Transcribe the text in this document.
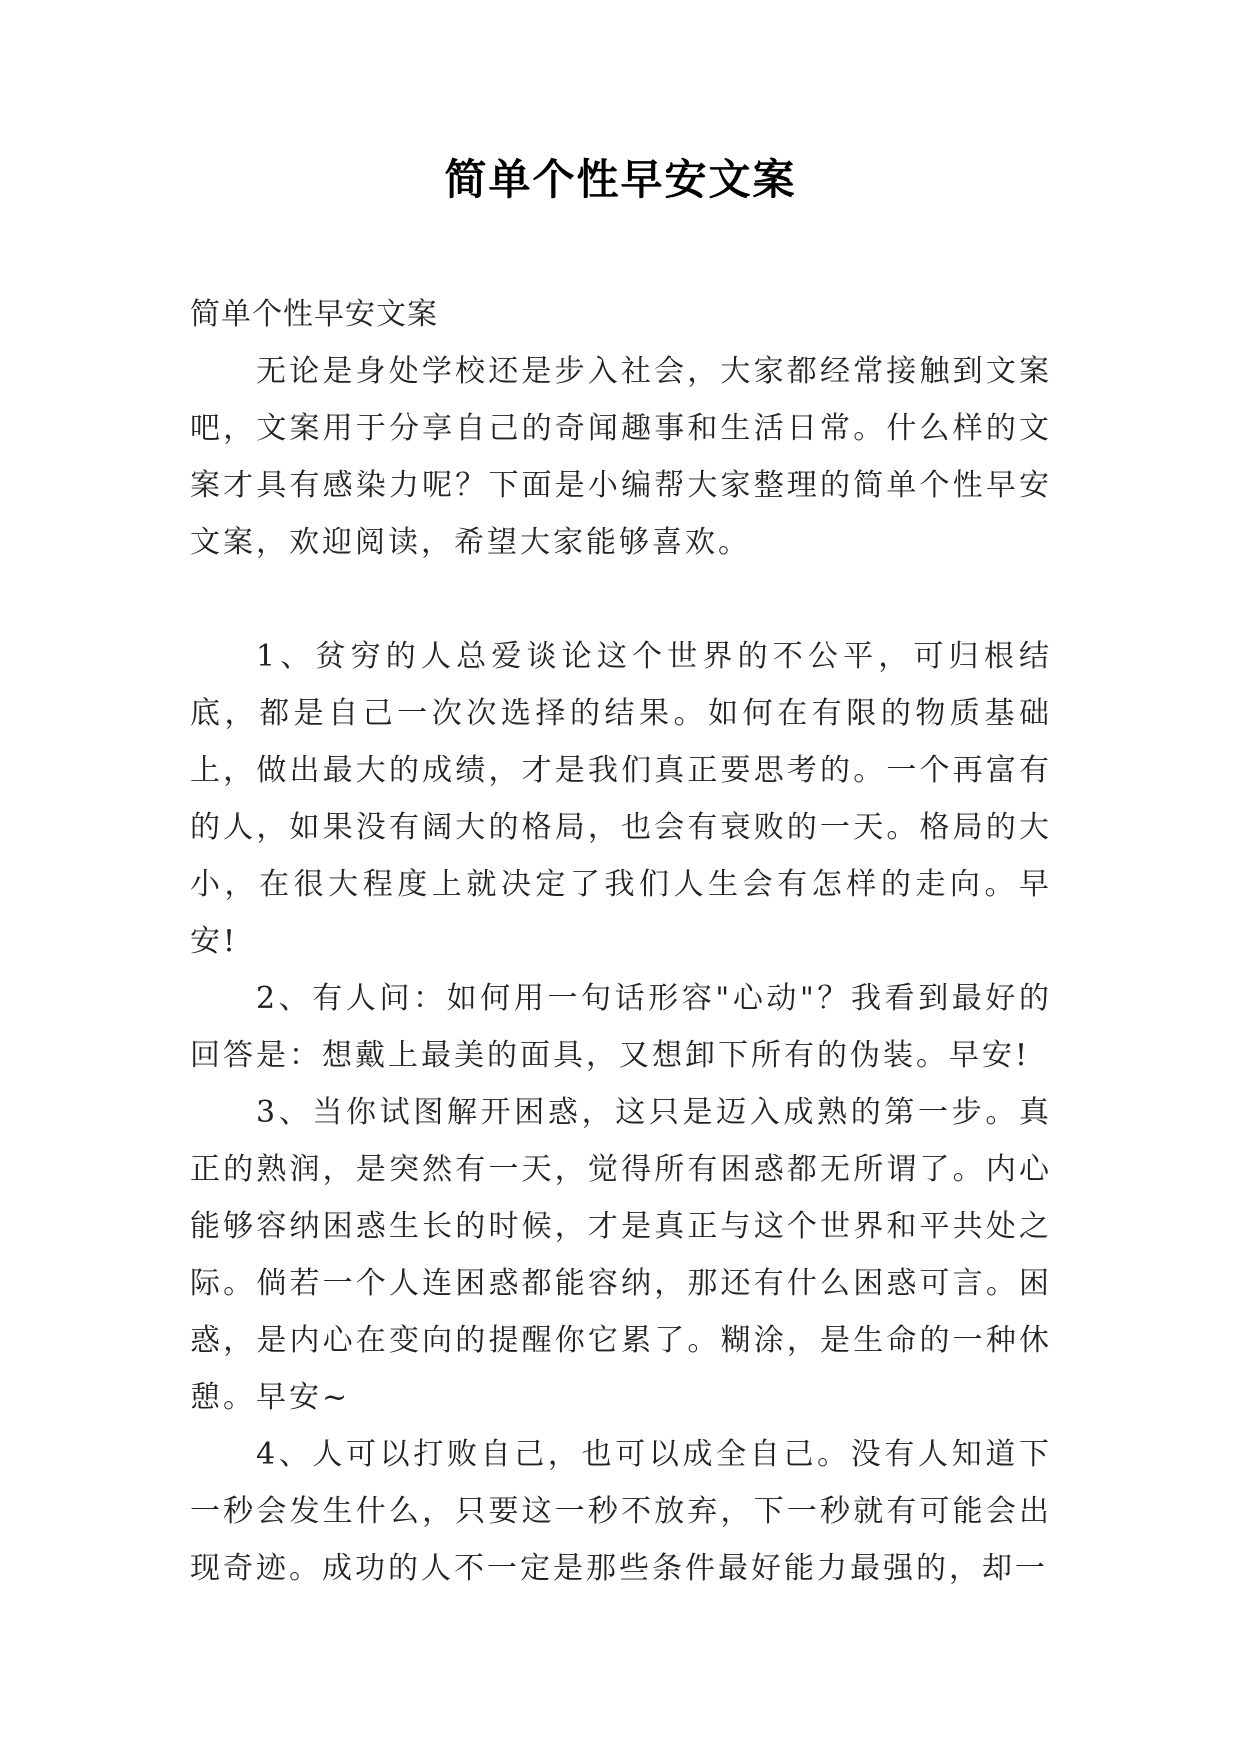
简单个性早安文案

简单个性早安文案

无论是身处学校还是步入社会，大家都经常接触到文案吧，文案用于分享自己的奇闻趣事和生活日常。什么样的文案才具有感染力呢？下面是小编帮大家整理的简单个性早安文案，欢迎阅读，希望大家能够喜欢。

1、贫穷的人总爱谈论这个世界的不公平，可归根结底，都是自己一次次选择的结果。如何在有限的物质基础上，做出最大的成绩，才是我们真正要思考的。一个再富有的人，如果没有阔大的格局，也会有衰败的一天。格局的大小，在很大程度上就决定了我们人生会有怎样的走向。早安!

2、有人问：如何用一句话形容"心动"？我看到最好的回答是：想戴上最美的面具，又想卸下所有的伪装。早安!

3、当你试图解开困惑，这只是迈入成熟的第一步。真正的熟润，是突然有一天，觉得所有困惑都无所谓了。内心能够容纳困惑生长的时候，才是真正与这个世界和平共处之际。倘若一个人连困惑都能容纳，那还有什么困惑可言。困惑，是内心在变向的提醒你它累了。糊涂，是生命的一种休憩。早安~

4、人可以打败自己，也可以成全自己。没有人知道下一秒会发生什么，只要这一秒不放弃，下一秒就有可能会出现奇迹。成功的人不一定是那些条件最好能力最强的，却一
